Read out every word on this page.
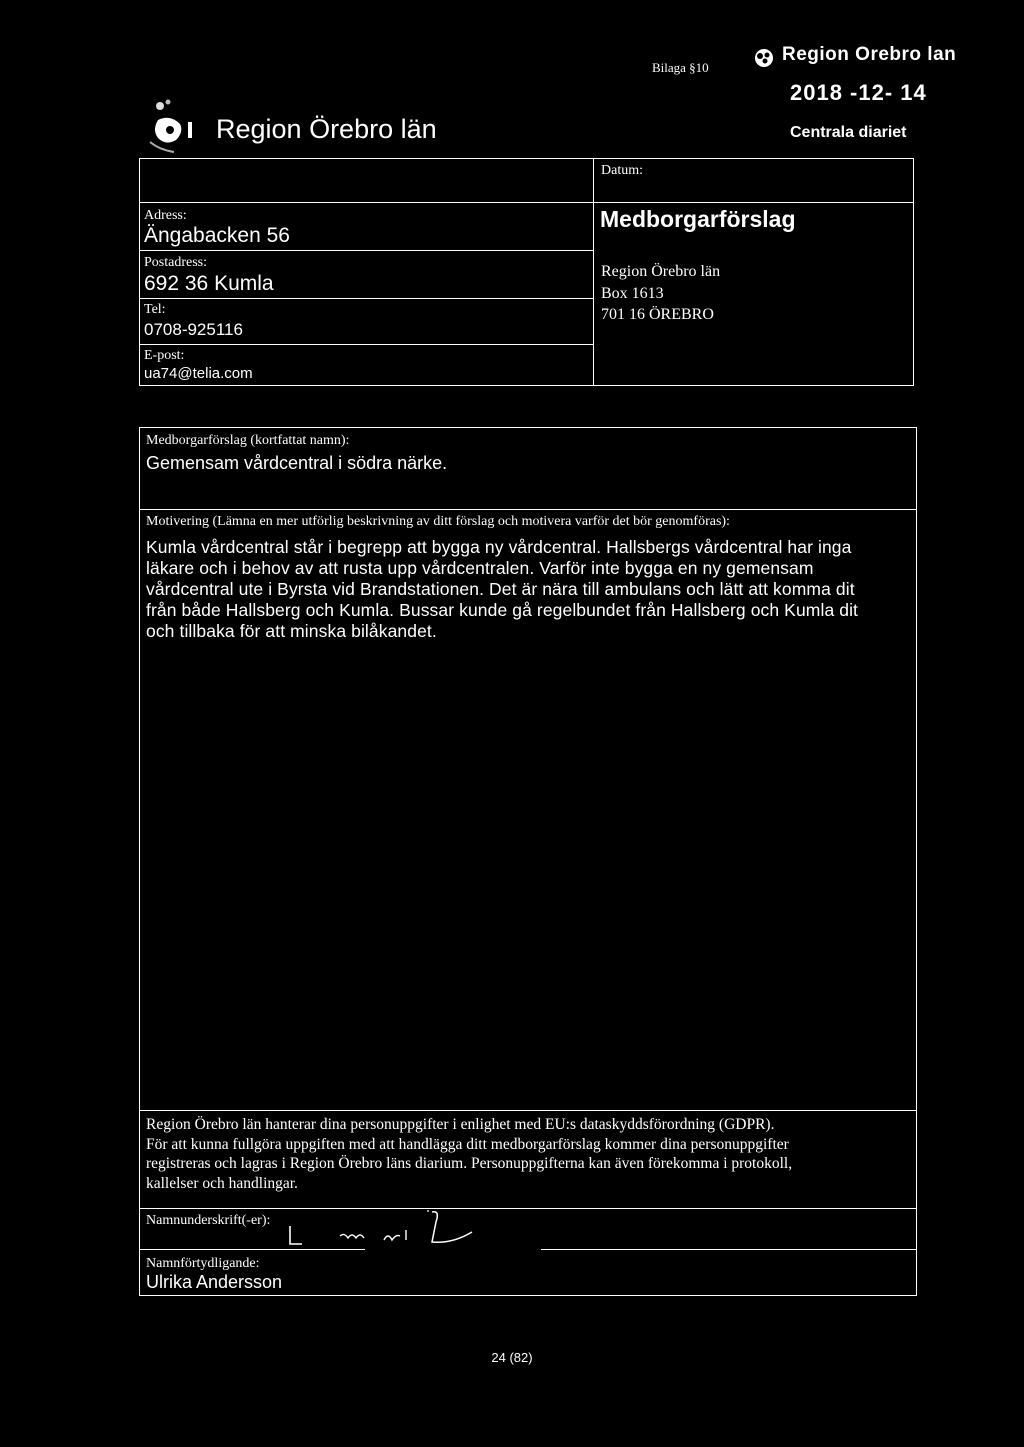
Bilaga §10
Region Orebro lan
2018 -12- 14
Centrala diariet
Region Örebro län
Datum:
Adress:
Ängabacken 56
Postadress:
692 36 Kumla
Tel:
0708-925116
E-post:
ua74@telia.com
Medborgarförslag
Region Örebro län
Box 1613
701 16 ÖREBRO
Medborgarförslag (kortfattat namn):
Gemensam vårdcentral i södra närke.
Motivering (Lämna en mer utförlig beskrivning av ditt förslag och motivera varför det bör genomföras):
Kumla vårdcentral står i begrepp att bygga ny vårdcentral. Hallsbergs vårdcentral har inga
läkare och i behov av att rusta upp vårdcentralen. Varför inte bygga en ny gemensam
vårdcentral ute i Byrsta vid Brandstationen. Det är nära till ambulans och lätt att komma dit
från både Hallsberg och Kumla. Bussar kunde gå regelbundet från Hallsberg och Kumla dit
och tillbaka för att minska bilåkandet.
Region Örebro län hanterar dina personuppgifter i enlighet med EU:s dataskyddsförordning (GDPR).
För att kunna fullgöra uppgiften med att handlägga ditt medborgarförslag kommer dina personuppgifter
registreras och lagras i Region Örebro läns diarium. Personuppgifterna kan även förekomma i protokoll,
kallelser och handlingar.
Namnunderskrift(-er):
Namnförtydligande:
Ulrika Andersson
24 (82)
